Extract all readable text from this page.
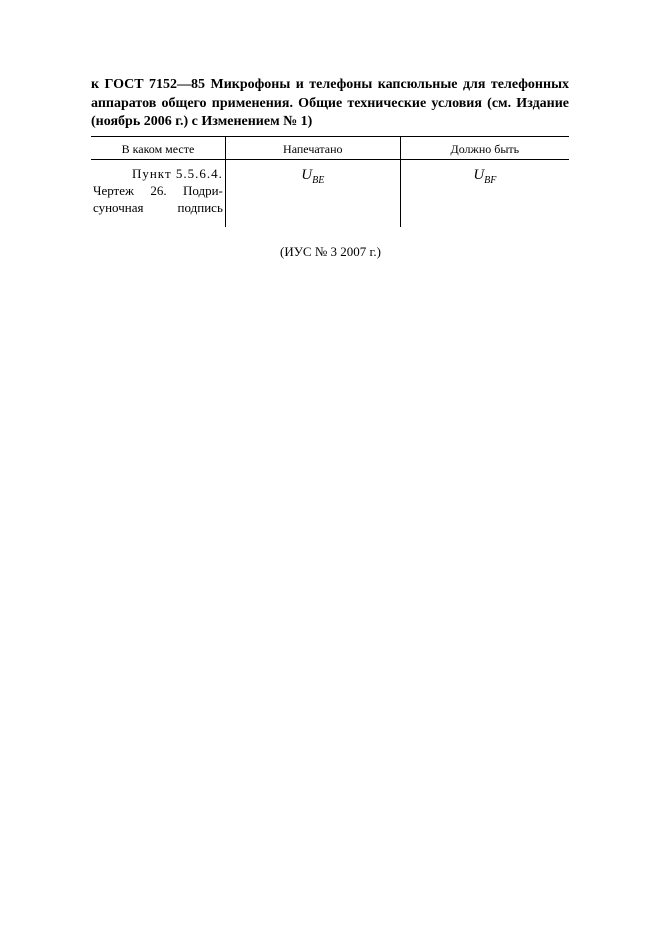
к ГОСТ 7152—85 Микрофоны и телефоны капсюльные для телефонных
аппаратов общего применения. Общие технические условия (см. Издание
(ноябрь 2006 г.) с Изменением № 1)
В каком месте	Напечатано	Должно быть

Пункт 5.5.6.4.
Чертеж 26. Подри-
суночная подпись	$U_{BE}$	$U_{BF}$
(ИУС № 3 2007 г.)
